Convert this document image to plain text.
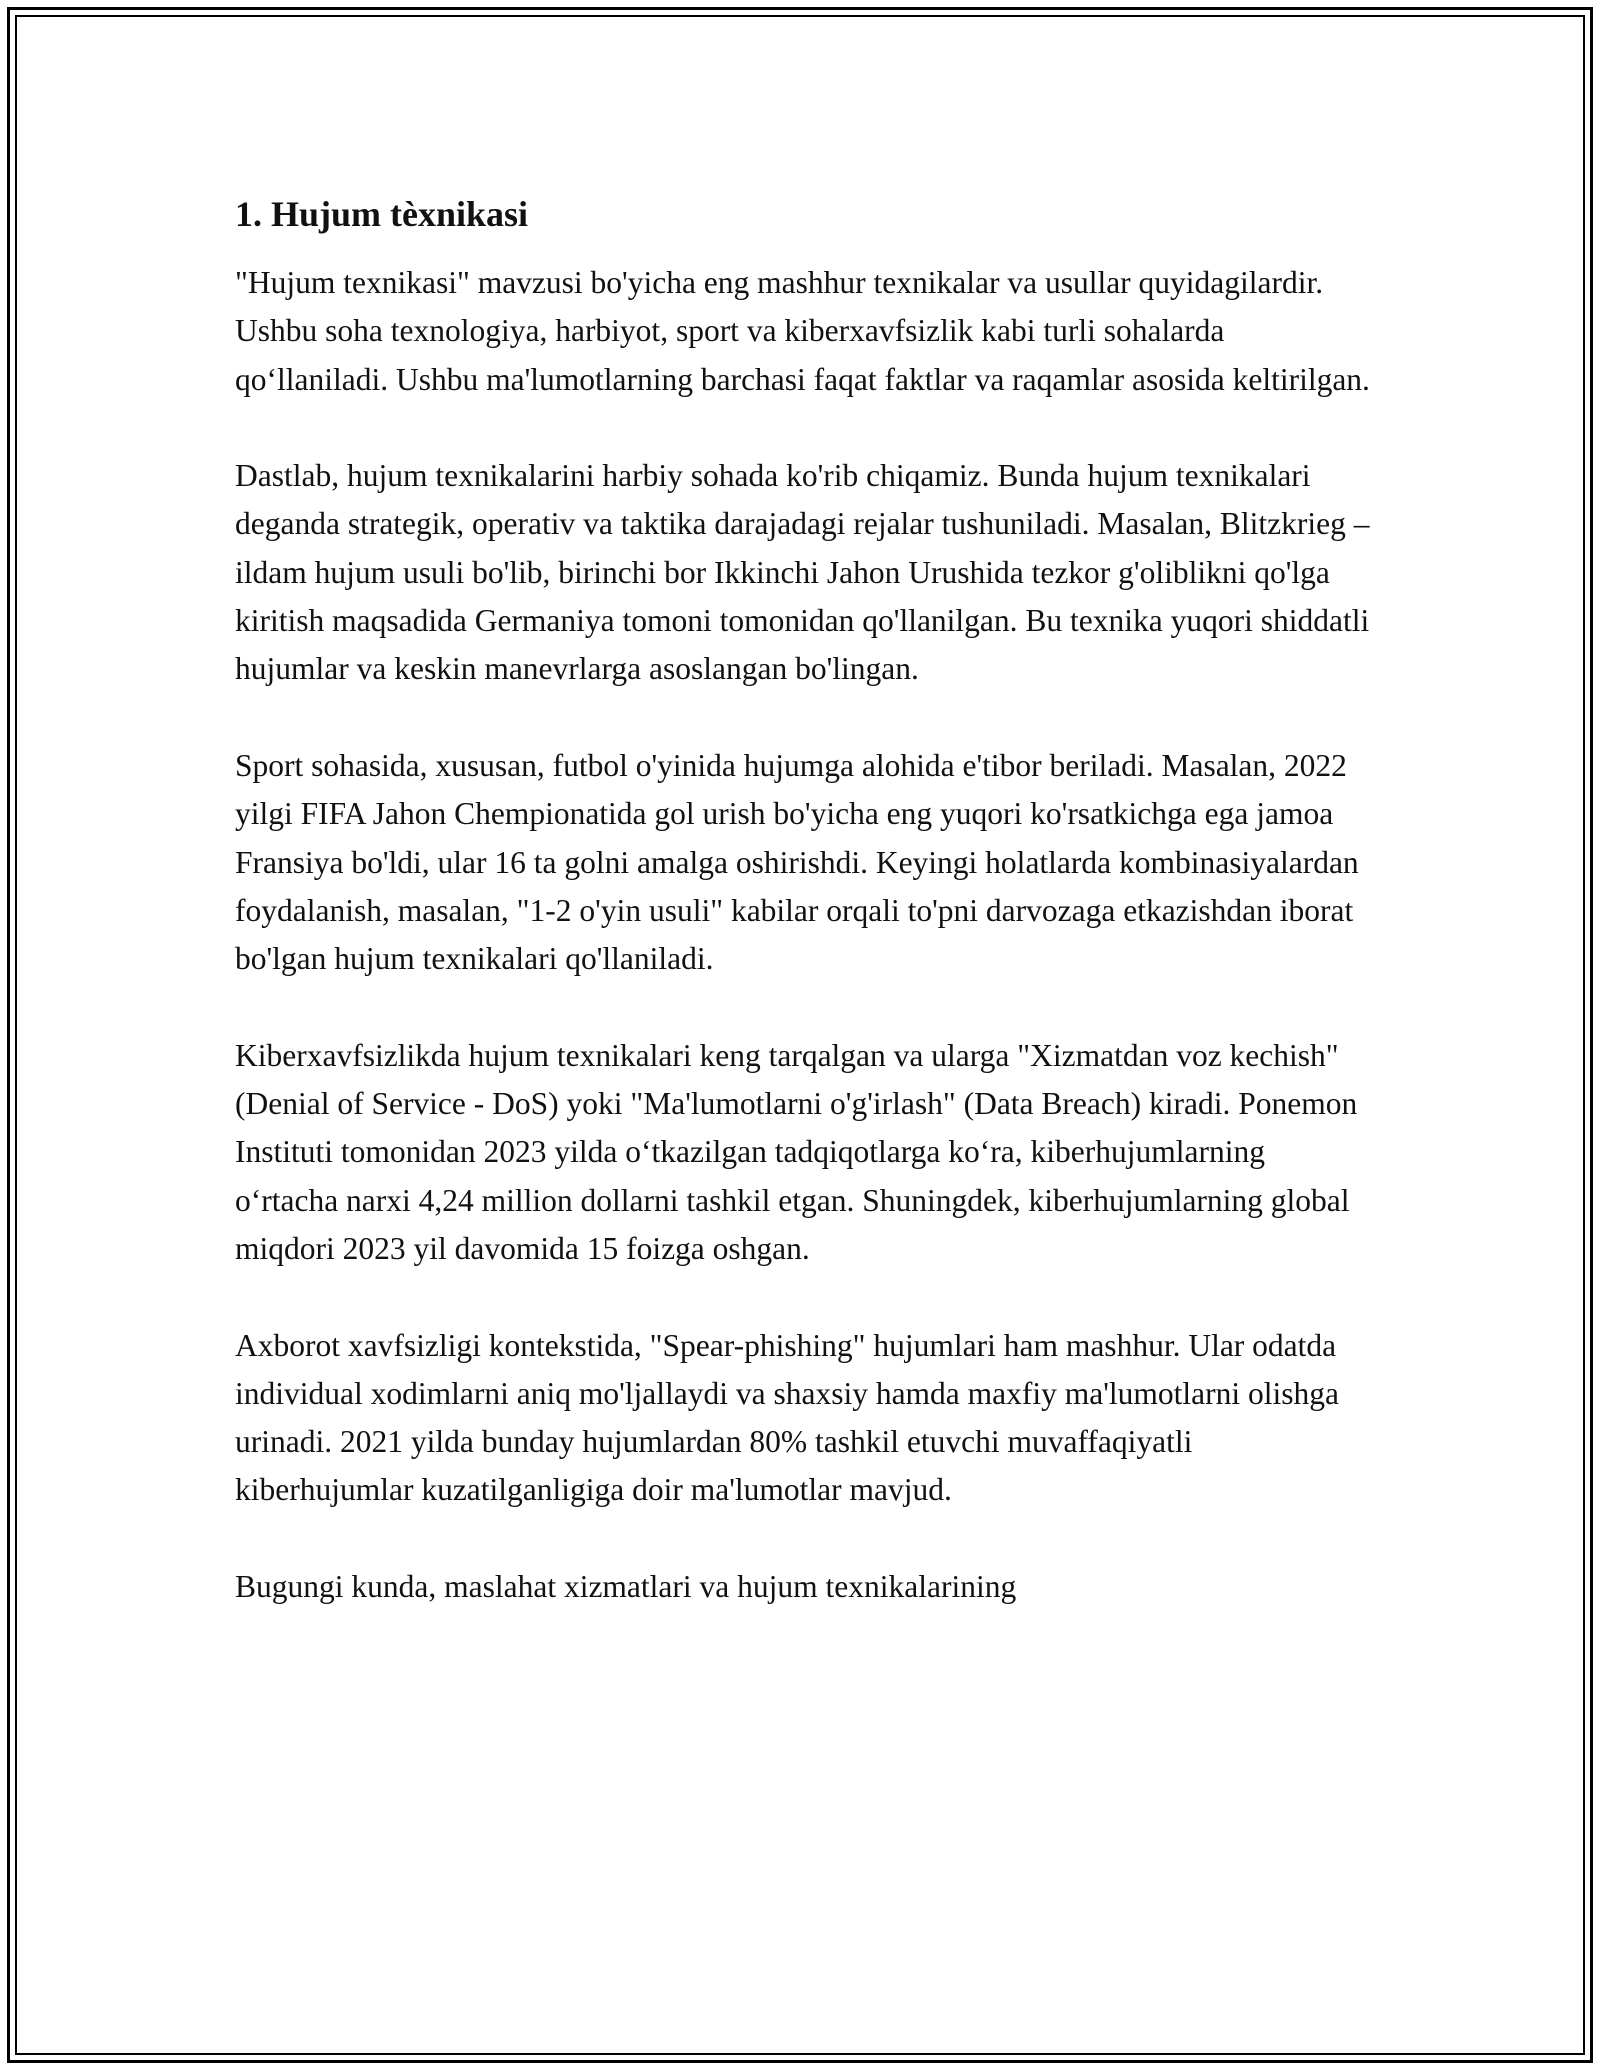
1. Hujum tèxnikasi

"Hujum texnikasi" mavzusi bo'yicha eng mashhur texnikalar va usullar quyidagilardir. Ushbu soha texnologiya, harbiyot, sport va kiberxavfsizlik kabi turli sohalarda qo‘llaniladi. Ushbu ma'lumotlarning barchasi faqat faktlar va raqamlar asosida keltirilgan.

Dastlab, hujum texnikalarini harbiy sohada ko'rib chiqamiz. Bunda hujum texnikalari deganda strategik, operativ va taktika darajadagi rejalar tushuniladi. Masalan, Blitzkrieg – ildam hujum usuli bo'lib, birinchi bor Ikkinchi Jahon Urushida tezkor g'oliblikni qo'lga kiritish maqsadida Germaniya tomoni tomonidan qo'llanilgan. Bu texnika yuqori shiddatli hujumlar va keskin manevrlarga asoslangan bo'lingan.

Sport sohasida, xususan, futbol o'yinida hujumga alohida e'tibor beriladi. Masalan, 2022 yilgi FIFA Jahon Chempionatida gol urish bo'yicha eng yuqori ko'rsatkichga ega jamoa Fransiya bo'ldi, ular 16 ta golni amalga oshirishdi. Keyingi holatlarda kombinasiyalardan foydalanish, masalan, "1-2 o'yin usuli" kabilar orqali to'pni darvozaga etkazishdan iborat bo'lgan hujum texnikalari qo'llaniladi.

Kiberxavfsizlikda hujum texnikalari keng tarqalgan va ularga "Xizmatdan voz kechish" (Denial of Service - DoS) yoki "Ma'lumotlarni o'g'irlash" (Data Breach) kiradi. Ponemon Instituti tomonidan 2023 yilda o‘tkazilgan tadqiqotlarga ko‘ra, kiberhujumlarning o‘rtacha narxi 4,24 million dollarni tashkil etgan. Shuningdek, kiberhujumlarning global miqdori 2023 yil davomida 15 foizga oshgan.

Axborot xavfsizligi kontekstida, "Spear-phishing" hujumlari ham mashhur. Ular odatda individual xodimlarni aniq mo'ljallaydi va shaxsiy hamda maxfiy ma'lumotlarni olishga urinadi. 2021 yilda bunday hujumlardan 80% tashkil etuvchi muvaffaqiyatli kiberhujumlar kuzatilganligiga doir ma'lumotlar mavjud.

Bugungi kunda, maslahat xizmatlari va hujum texnikalarining
